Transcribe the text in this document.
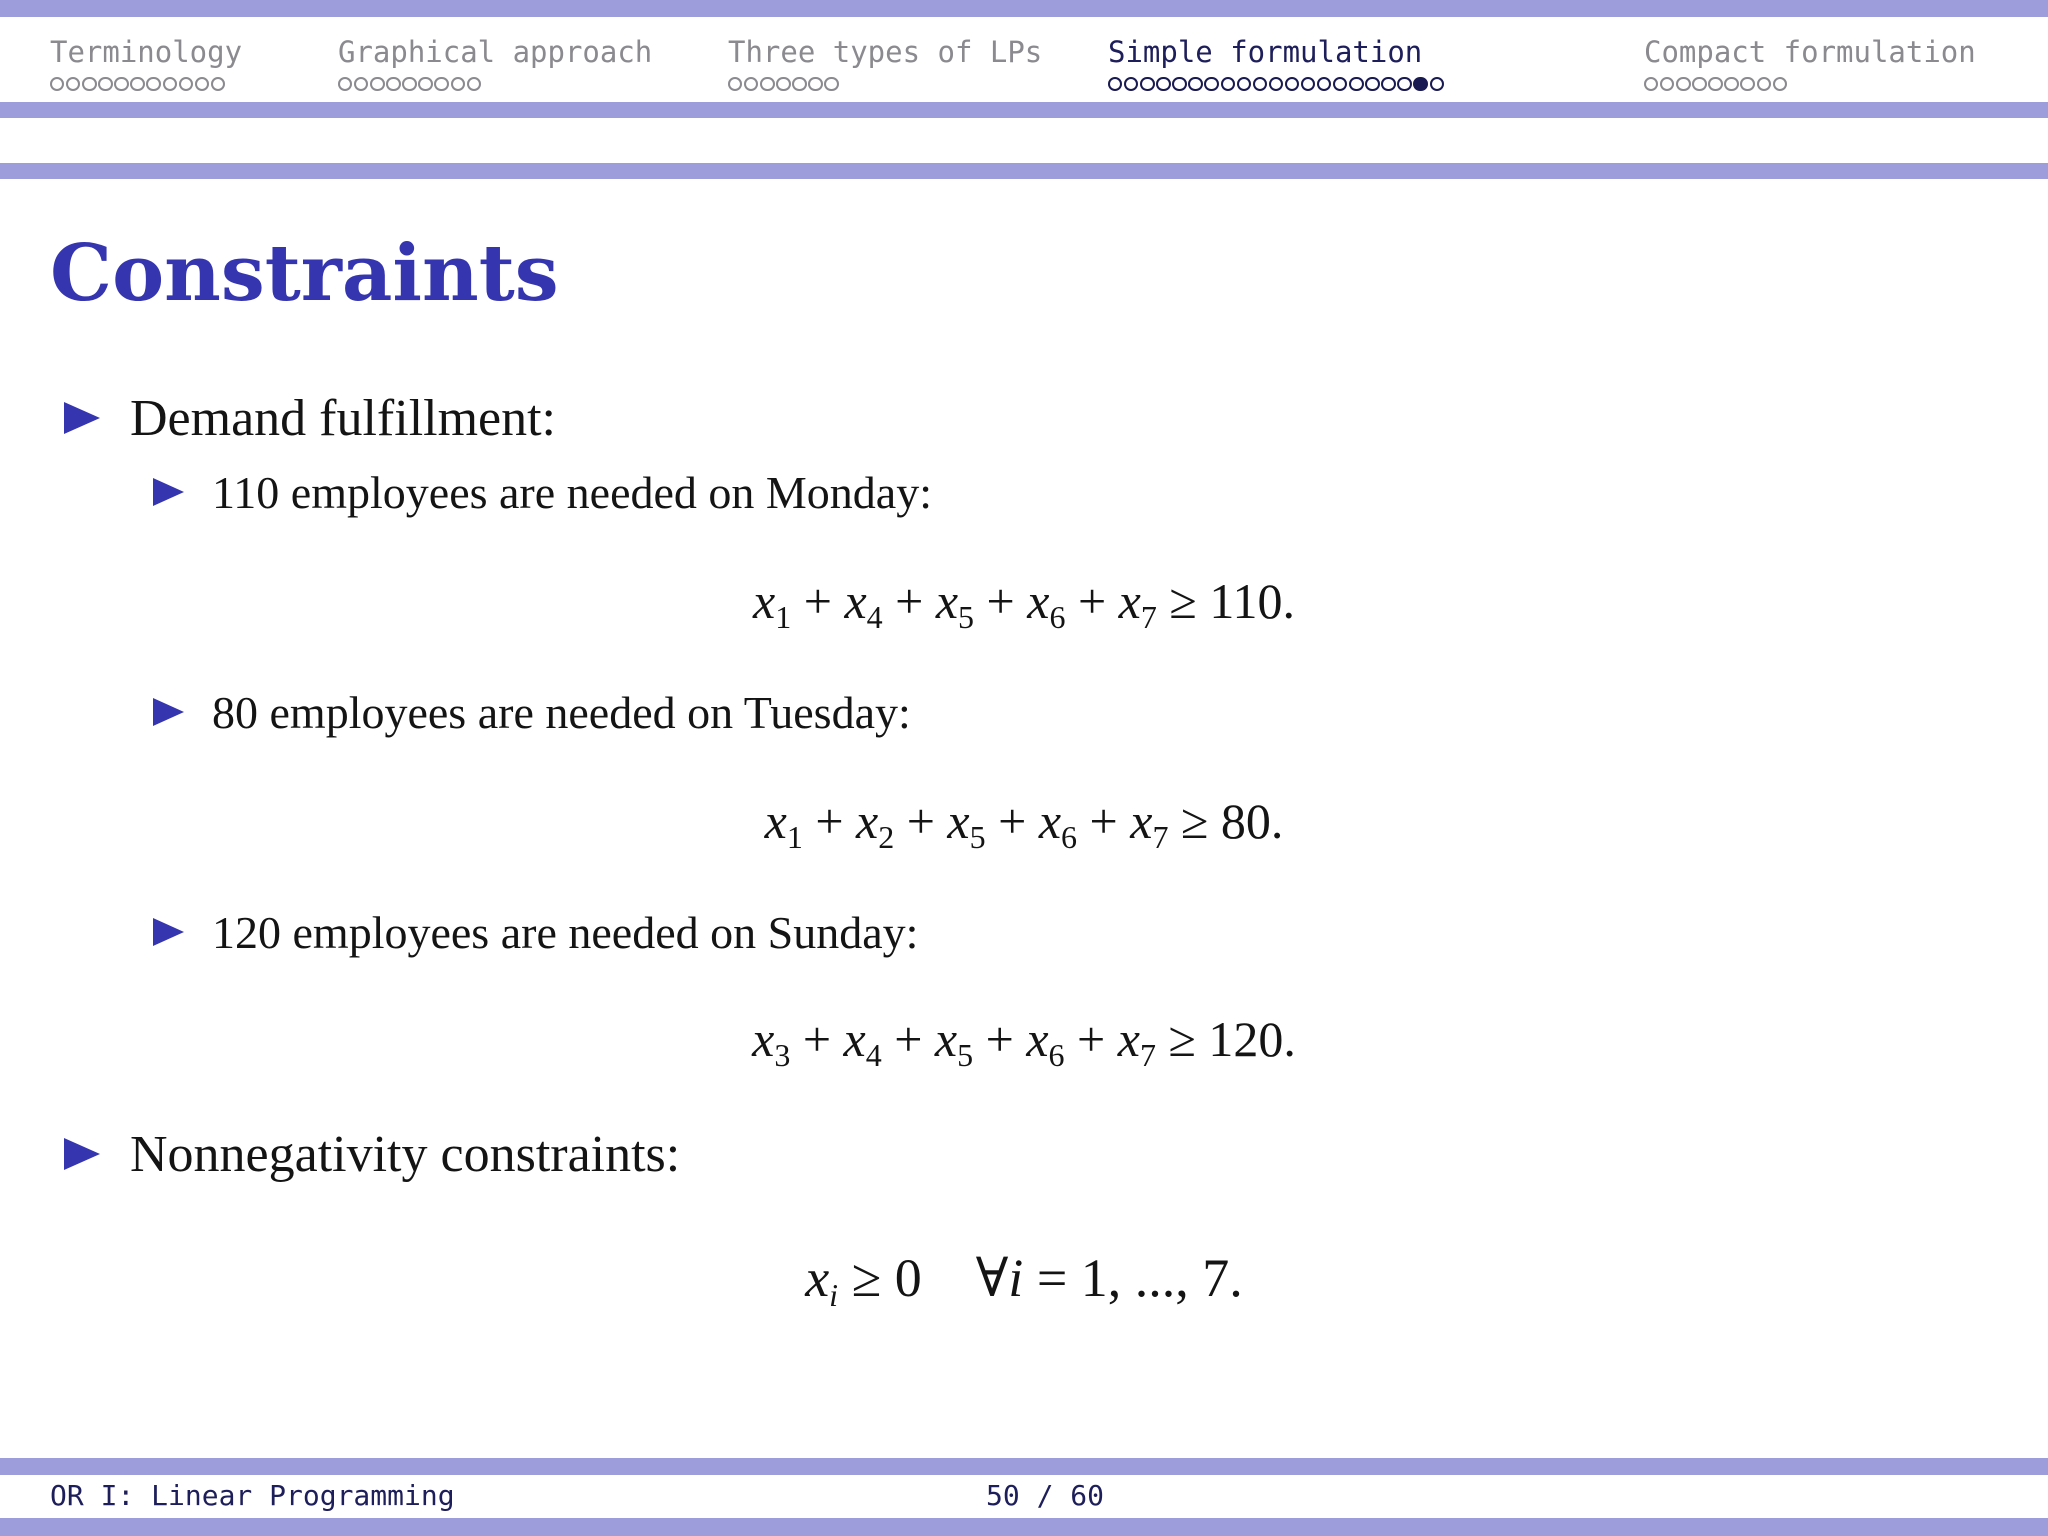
Terminology	Graphical approach	Three types of LPs Simple formulation	Compact formulation
Constraints
Demand fulfillment:
110 employees are needed on Monday:
$x_1 + x_4 + x_5 + x_6 + x_7 \ge 110$.
80 employees are needed on Tuesday:
$x_1 + x_2 + x_5 + x_6 + x_7 \ge 80$.
120 employees are needed on Sunday:
$x_3 + x_4 + x_5 + x_6 + x_7 \ge 120$.
Nonnegativity constraints:
$x_i \ge 0$    ∀i = 1, ..., 7.
OR I: Linear Programming	50 / 60
